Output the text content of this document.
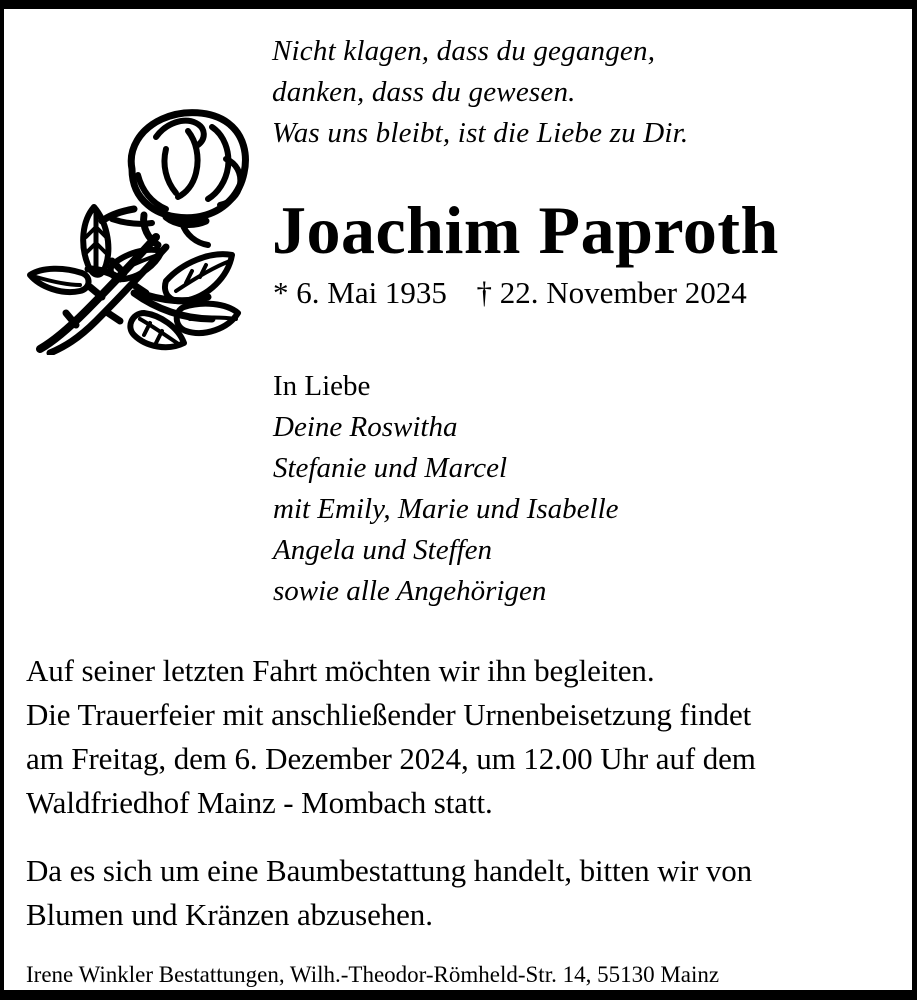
Nicht klagen, dass du gegangen,
danken, dass du gewesen.
Was uns bleibt, ist die Liebe zu Dir.
Joachim Paproth
* 6. Mai 1935 † 22. November 2024
In Liebe
Deine Roswitha
Stefanie und Marcel
mit Emily, Marie und Isabelle
Angela und Steffen
sowie alle Angehörigen
Auf seiner letzten Fahrt möchten wir ihn begleiten.
Die Trauerfeier mit anschließender Urnenbeisetzung findet
am Freitag, dem 6. Dezember 2024, um 12.00 Uhr auf dem
Waldfriedhof Mainz - Mombach statt.
Da es sich um eine Baumbestattung handelt, bitten wir von
Blumen und Kränzen abzusehen.
Irene Winkler Bestattungen, Wilh.-Theodor-Römheld-Str. 14, 55130 Mainz
